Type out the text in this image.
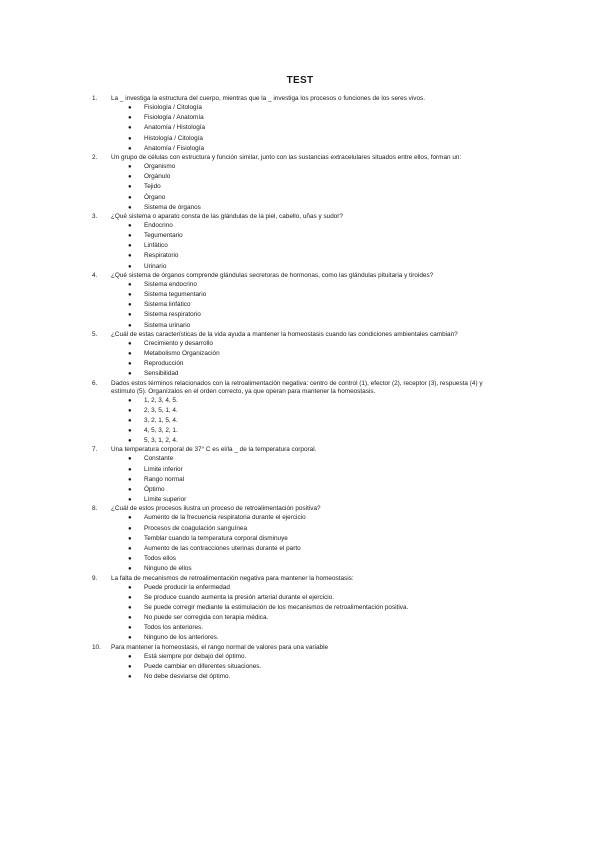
TEST
1.	La _ investiga la estructura del cuerpo, mientras que la _ investiga los procesos o funciones de los seres vivos.
● Fisiología / Citología
● Fisiología / Anatomía
● Anatomía / Histología
● Histología / Citología
● Anatomía / Fisiología
2.	Un grupo de células con estructura y función similar, junto con las sustancias extracelulares situados entre ellos, forman un:
● Organismo
● Orgánulo
● Tejido
● Órgano
● Sistema de órganos
3.	¿Qué sistema o aparato consta de las glándulas de la piel, cabello, uñas y sudor?
● Endocrino
● Tegumentario
● Linfático
● Respiratorio
● Urinario
4.	¿Qué sistema de órganos comprende glándulas secretoras de hormonas, como las glándulas pituitaria y tiroides?
● Sistema endocrino
● Sistema tegumentario
● Sistema linfático
● Sistema respiratorio
● Sistema urinario
5.	¿Cuál de estas características de la vida ayuda a mantener la homeostasis cuando las condiciones ambientales cambian?
● Crecimiento y desarrollo
● Metabolismo Organización
● Reproducción
● Sensibilidad
6.	Dados estos términos relacionados con la retroalimentación negativa: centro de control (1), efector (2), receptor (3), respuesta (4) y estímulo (5). Organízalos en el orden correcto, ya que operan para mantener la homeostasis.
● 1, 2, 3, 4, 5.
● 2, 3, 5, 1, 4.
● 3, 2, 1, 5, 4.
● 4, 5, 3, 2, 1.
● 5, 3, 1, 2, 4.
7.	Una temperatura corporal de 37° C es el/la _ de la temperatura corporal.
● Constante
● Límite inferior
● Rango normal
● Óptimo
● Límite superior
8.	¿Cuál de estos procesos ilustra un proceso de retroalimentación positiva?
● Aumento de la frecuencia respiratoria durante el ejercicio
● Procesos de coagulación sanguínea
● Temblar cuando la temperatura corporal disminuye
● Aumento de las contracciones uterinas durante el parto
● Todos ellos
● Ninguno de ellos
9.	La falta de mecanismos de retroalimentación negativa para mantener la homeostasis:
● Puede producir la enfermedad
● Se produce cuando aumenta la presión arterial durante el ejercicio.
● Se puede corregir mediante la estimulación de los mecanismos de retroalimentación positiva.
● No puede ser corregida con terapia médica.
● Todos los anteriores.
● Ninguno de los anteriores.
10.	Para mantener la homeostasis, el rango normal de valores para una variable
● Está siempre por debajo del óptimo.
● Puede cambiar en diferentes situaciones.
● No debe desviarse del óptimo.
